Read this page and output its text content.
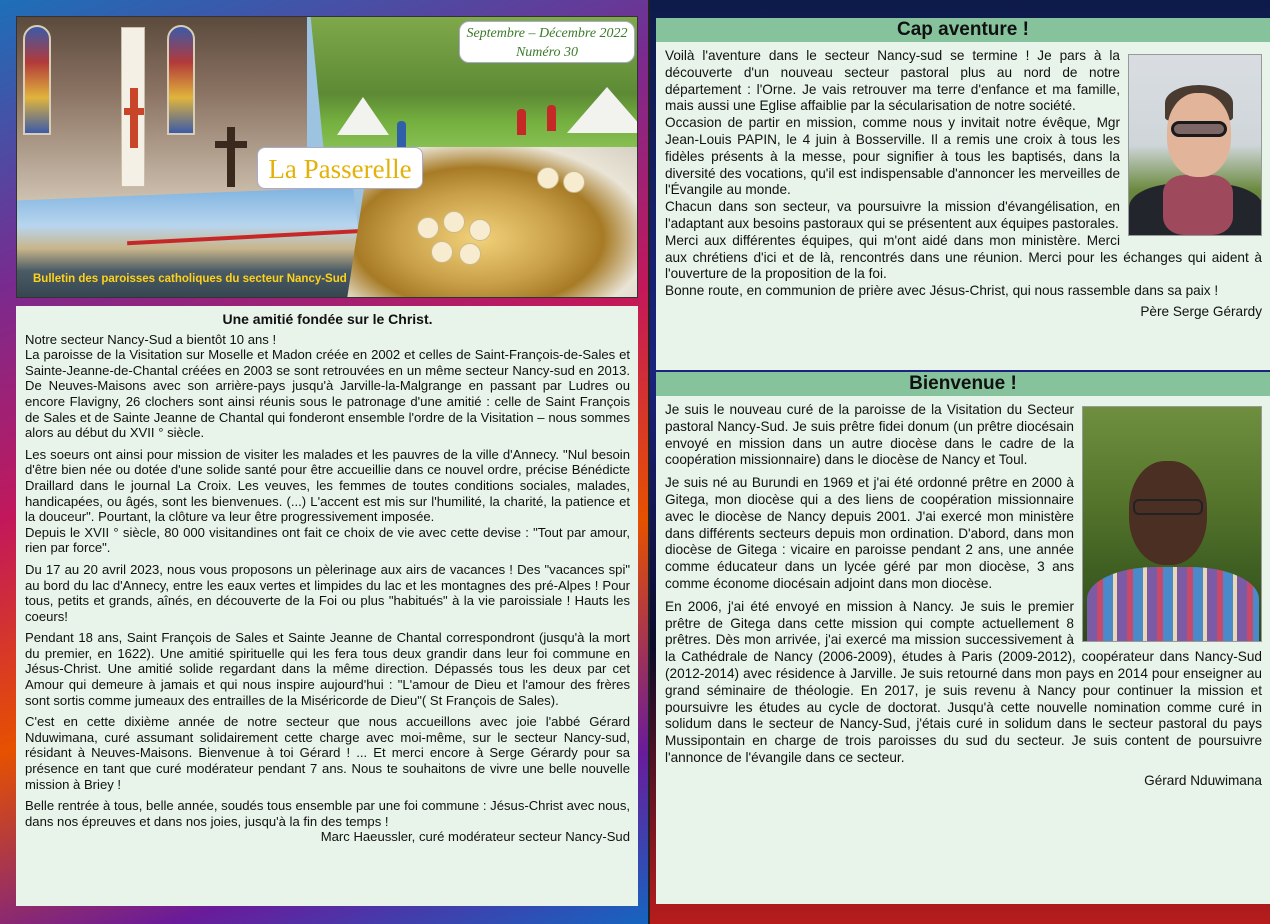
Septembre – Décembre 2022
Numéro 30
La Passerelle
Bulletin des paroisses catholiques du secteur Nancy-Sud
Une amitié fondée sur le Christ.

Notre secteur Nancy-Sud a bientôt 10 ans !

La paroisse de la Visitation sur Moselle et Madon créée en 2002 et celles de Saint-François-de-Sales et Sainte-Jeanne-de-Chantal créées en 2003 se sont retrouvées en un même secteur Nancy-sud en 2013. De Neuves-Maisons avec son arrière-pays jusqu'à Jarville-la-Malgrange en passant par Ludres ou encore Flavigny, 26 clochers sont ainsi réunis sous le patronage d'une amitié : celle de Saint François de Sales et de Sainte Jeanne de Chantal qui fonderont ensemble l'ordre de la Visitation – nous sommes alors au début du XVII ° siècle.

Les soeurs ont ainsi pour mission de visiter les malades et les pauvres de la ville d'Annecy. "Nul besoin d'être bien née ou dotée d'une solide santé pour être accueillie dans ce nouvel ordre, précise Bénédicte Draillard dans le journal La Croix. Les veuves, les femmes de toutes conditions sociales, malades, handicapées, ou âgés, sont les bienvenues. (...) L'accent est mis sur l'humilité, la charité, la patience et la douceur". Pourtant, la clôture va leur être progressivement imposée.

Depuis le XVII ° siècle, 80 000 visitandines ont fait ce choix de vie avec cette devise : "Tout par amour, rien par force".

Du 17 au 20 avril 2023, nous vous proposons un pèlerinage aux airs de vacances ! Des "vacances spi" au bord du lac d'Annecy, entre les eaux vertes et limpides du lac et les montagnes des pré-Alpes ! Pour tous, petits et grands, aînés, en découverte de la Foi ou plus "habitués" à la vie paroissiale ! Hauts les coeurs!

Pendant 18 ans, Saint François de Sales et Sainte Jeanne de Chantal correspondront (jusqu'à la mort du premier, en 1622). Une amitié spirituelle qui les fera tous deux grandir dans leur foi commune en Jésus-Christ. Une amitié solide regardant dans la même direction. Dépassés tous les deux par cet Amour qui demeure à jamais et qui nous inspire aujourd'hui : "L'amour de Dieu et l'amour des frères sont sortis comme jumeaux des entrailles de la Miséricorde de Dieu"( St François de Sales).

C'est en cette dixième année de notre secteur que nous accueillons avec joie l'abbé Gérard Nduwimana, curé assumant solidairement cette charge avec moi-même, sur le secteur Nancy-sud, résidant à Neuves-Maisons. Bienvenue à toi Gérard ! ... Et merci encore à Serge Gérardy pour sa présence en tant que curé modérateur pendant 7 ans. Nous te souhaitons de vivre une belle nouvelle mission à Briey !

Belle rentrée à tous, belle année, soudés tous ensemble par une foi commune : Jésus-Christ avec nous, dans nos épreuves et dans nos joies, jusqu'à la fin des temps !

Marc Haeussler, curé modérateur secteur Nancy-Sud

Cap aventure !

Voilà l'aventure dans le secteur Nancy-sud se termine ! Je pars à la découverte d'un nouveau secteur pastoral plus au nord de notre département : l'Orne. Je vais retrouver ma terre d'enfance et ma famille, mais aussi une Eglise affaiblie par la sécularisation de notre société.

Occasion de partir en mission, comme nous y invitait notre évêque, Mgr Jean-Louis PAPIN, le 4 juin à Bosserville. Il a remis une croix à tous les fidèles présents à la messe, pour signifier à tous les baptisés, dans la diversité des vocations, qu'il est indispensable d'annoncer les merveilles de l'Évangile au monde.

Chacun dans son secteur, va poursuivre la mission d'évangélisation, en l'adaptant aux besoins pastoraux qui se présentent aux équipes pastorales.

Merci aux différentes équipes, qui m'ont aidé dans mon ministère. Merci aux chrétiens d'ici et de là, rencontrés dans une réunion. Merci pour les échanges qui aident à l'ouverture de la proposition de la foi.

Bonne route, en communion de prière avec Jésus-Christ, qui nous rassemble dans sa paix !

Père Serge Gérardy

Bienvenue !

Je suis le nouveau curé de la paroisse de la Visitation du Secteur pastoral Nancy-Sud. Je suis prêtre fidei donum (un prêtre diocésain envoyé en mission dans un autre diocèse dans le cadre de la coopération missionnaire) dans le diocèse de Nancy et Toul.

Je suis né au Burundi en 1969 et j'ai été ordonné prêtre en 2000 à Gitega, mon diocèse qui a des liens de coopération missionnaire avec le diocèse de Nancy depuis 2001. J'ai exercé mon ministère dans différents secteurs depuis mon ordination. D'abord, dans mon diocèse de Gitega : vicaire en paroisse pendant 2 ans, une année comme éducateur dans un lycée géré par mon diocèse, 3 ans comme économe diocésain adjoint dans mon diocèse.

En 2006, j'ai été envoyé en mission à Nancy. Je suis le premier prêtre de Gitega dans cette mission qui compte actuellement 8 prêtres. Dès mon arrivée, j'ai exercé ma mission successivement à la Cathédrale de Nancy (2006-2009), études à Paris (2009-2012), coopérateur dans Nancy-Sud (2012-2014) avec résidence à Jarville. Je suis retourné dans mon pays en 2014 pour enseigner au grand séminaire de théologie. En 2017, je suis revenu à Nancy pour continuer la mission et poursuivre les études au cycle de doctorat. Jusqu'à cette nouvelle nomination comme curé in solidum dans le secteur de Nancy-Sud, j'étais curé in solidum dans le secteur pastoral du pays Mussipontain en charge de trois paroisses du sud du secteur. Je suis content de poursuivre l'annonce de l'évangile dans ce secteur.

Gérard Nduwimana
